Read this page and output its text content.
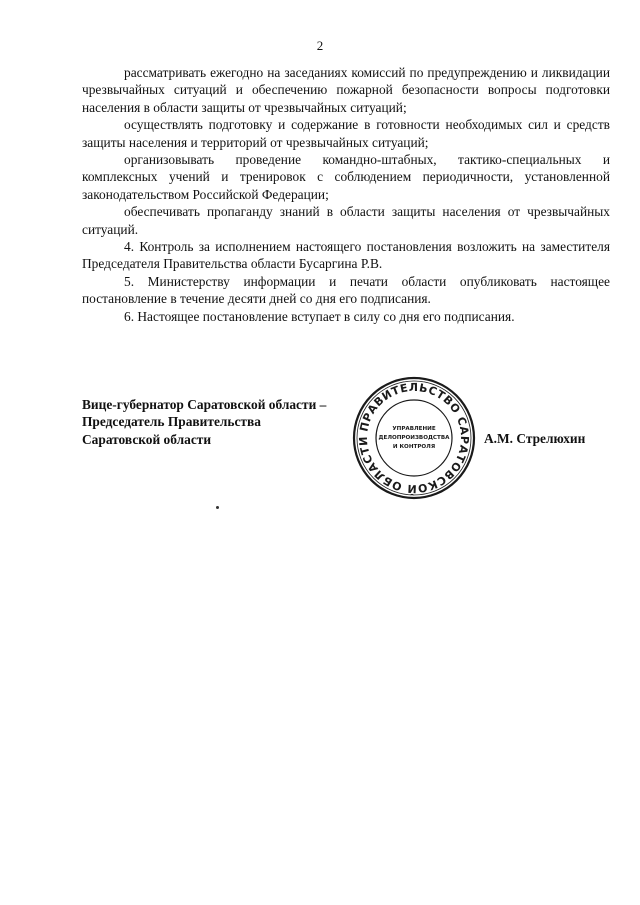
2

рассматривать ежегодно на заседаниях комиссий по предупреждению и ликвидации чрезвычайных ситуаций и обеспечению пожарной безопасности вопросы подготовки населения в области защиты от чрезвычайных ситуаций;

осуществлять подготовку и содержание в готовности необходимых сил и средств защиты населения и территорий от чрезвычайных ситуаций;

организовывать проведение командно-штабных, тактико-специальных и комплексных учений и тренировок с соблюдением периодичности, установленной законодательством Российской Федерации;

обеспечивать пропаганду знаний в области защиты населения от чрезвычайных ситуаций.

4. Контроль за исполнением настоящего постановления возложить на заместителя Председателя Правительства области Бусаргина Р.В.

5. Министерству информации и печати области опубликовать настоящее постановление в течение десяти дней со дня его подписания.

6. Настоящее постановление вступает в силу со дня его подписания.

Вице-губернатор Саратовской области –
Председатель Правительства
Саратовской области	А.М. Стрелюхин
ПРАВИТЕЛЬСТВО САРАТОВСКОЙ ОБЛАСТИ
УПРАВЛЕНИЕ
ДЕЛОПРОИЗВОДСТВА
И КОНТРОЛЯ
